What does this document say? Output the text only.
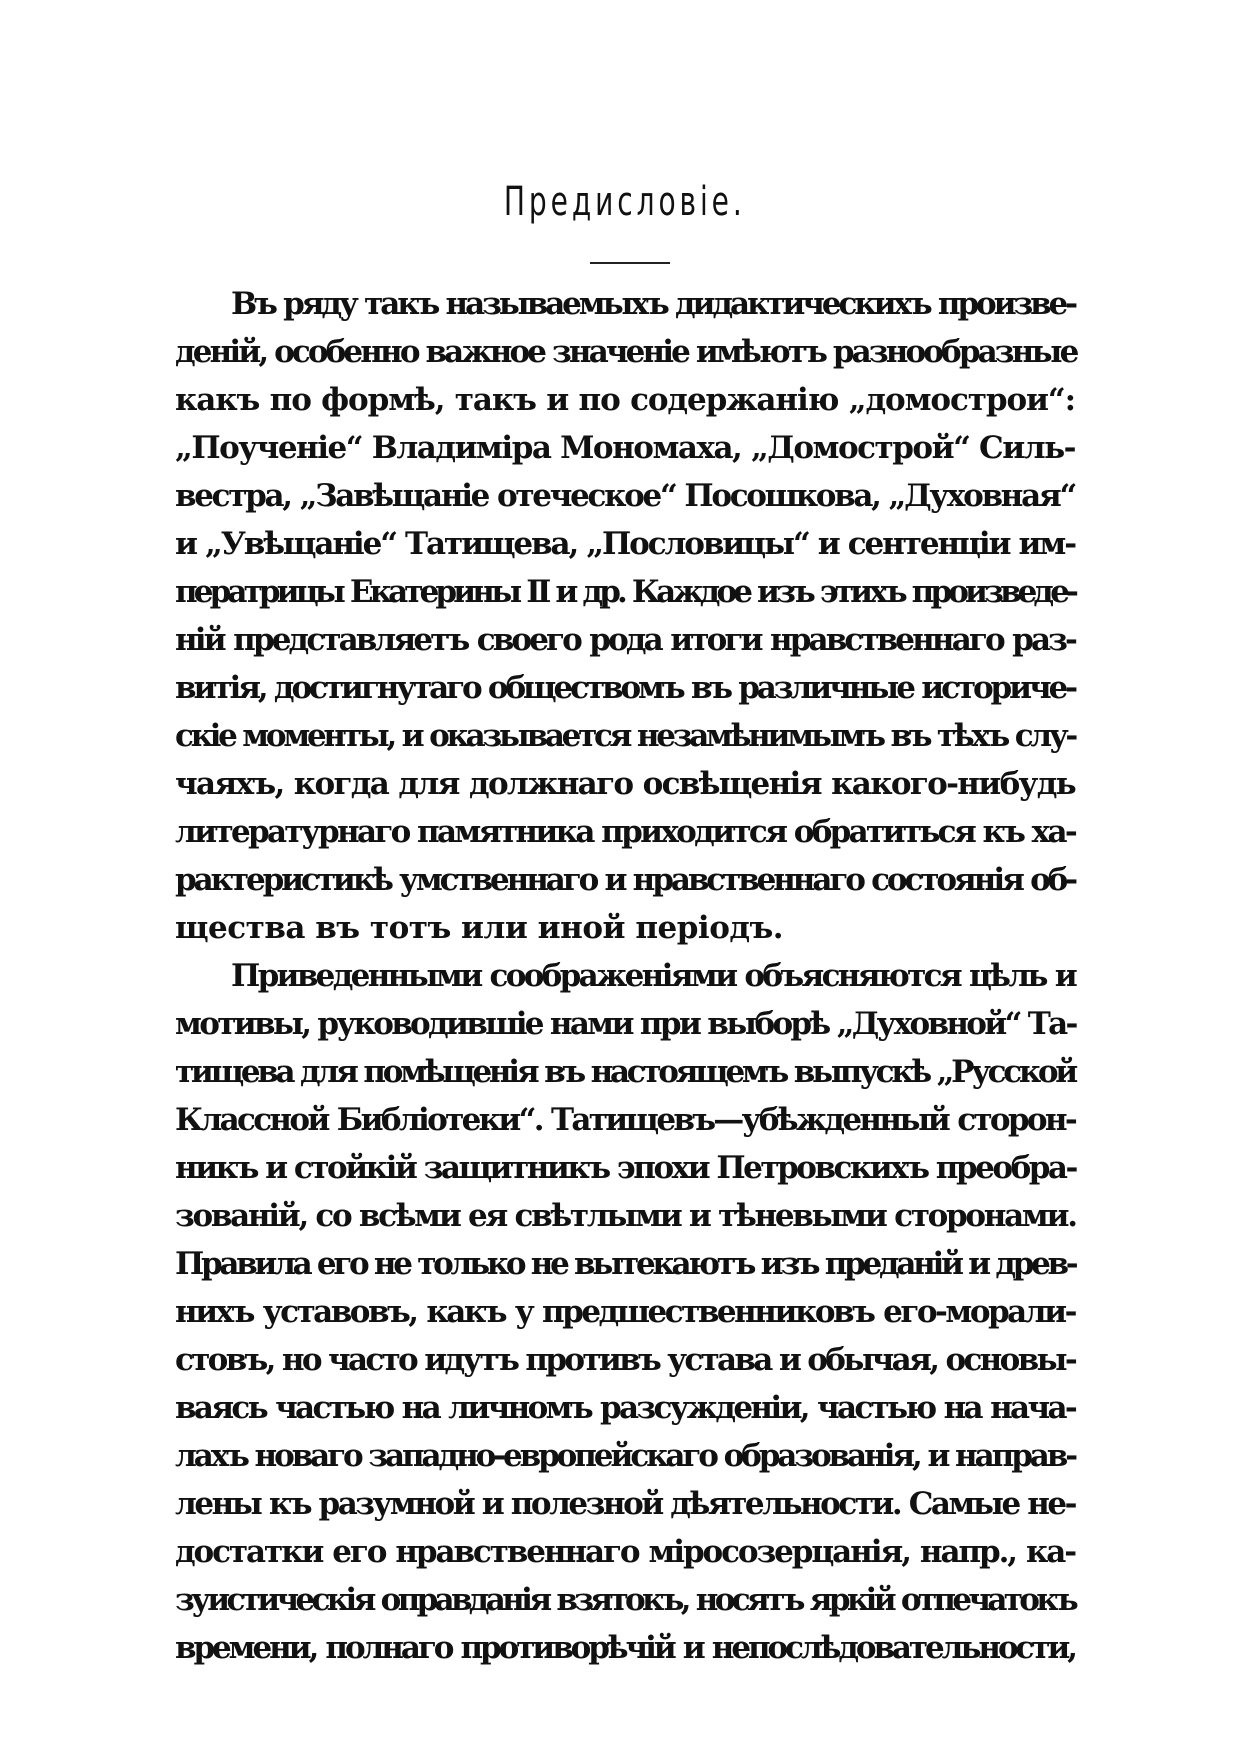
Предисловіе.
Въ ряду такъ называемыхъ дидактическихъ произве-
деній, особенно важное значеніе имѣютъ разнообразные
какъ по формѣ, такъ и по содержанію „домострои“:
„Поученіе“ Владиміра Мономаха, „Домострой“ Силь-
вестра, „Завѣщаніе отеческое“ Посошкова, „Духовная“
и „Увѣщаніе“ Татищева, „Пословицы“ и сентенціи им-
ператрицы Екатерины II и др. Каждое изъ этихъ произведе-
ній представляетъ своего рода итоги нравственнаго раз-
витія, достигнутаго обществомъ въ различные историче-
скіе моменты, и оказывается незамѣнимымъ въ тѣхъ слу-
чаяхъ, когда для должнаго освѣщенія какого-нибудь
литературнаго памятника приходится обратиться къ ха-
рактеристикѣ умственнаго и нравственнаго состоянія об-
щества въ тотъ или иной періодъ.
Приведенными соображеніями объясняются цѣль и
мотивы, руководившіе нами при выборѣ „Духовной“ Та-
тищева для помѣщенія въ настоящемъ выпускѣ „Русской
Классной Библіотеки“. Татищевъ—убѣжденный сторон-
никъ и стойкій защитникъ эпохи Петровскихъ преобра-
зованій, со всѣми ея свѣтлыми и тѣневыми сторонами.
Правила его не только не вытекаютъ изъ преданій и древ-
нихъ уставовъ, какъ у предшественниковъ его-морали-
стовъ, но часто идутъ противъ устава и обычая, основы-
ваясь частью на личномъ разсужденіи, частью на нача-
лахъ новаго западно-европейскаго образованія, и направ-
лены къ разумной и полезной дѣятельности. Самые не-
достатки его нравственнаго міросозерцанія, напр., ка-
зуистическія оправданія взятокъ, носятъ яркій отпечатокъ
времени, полнаго противорѣчій и непослѣдовательности,
